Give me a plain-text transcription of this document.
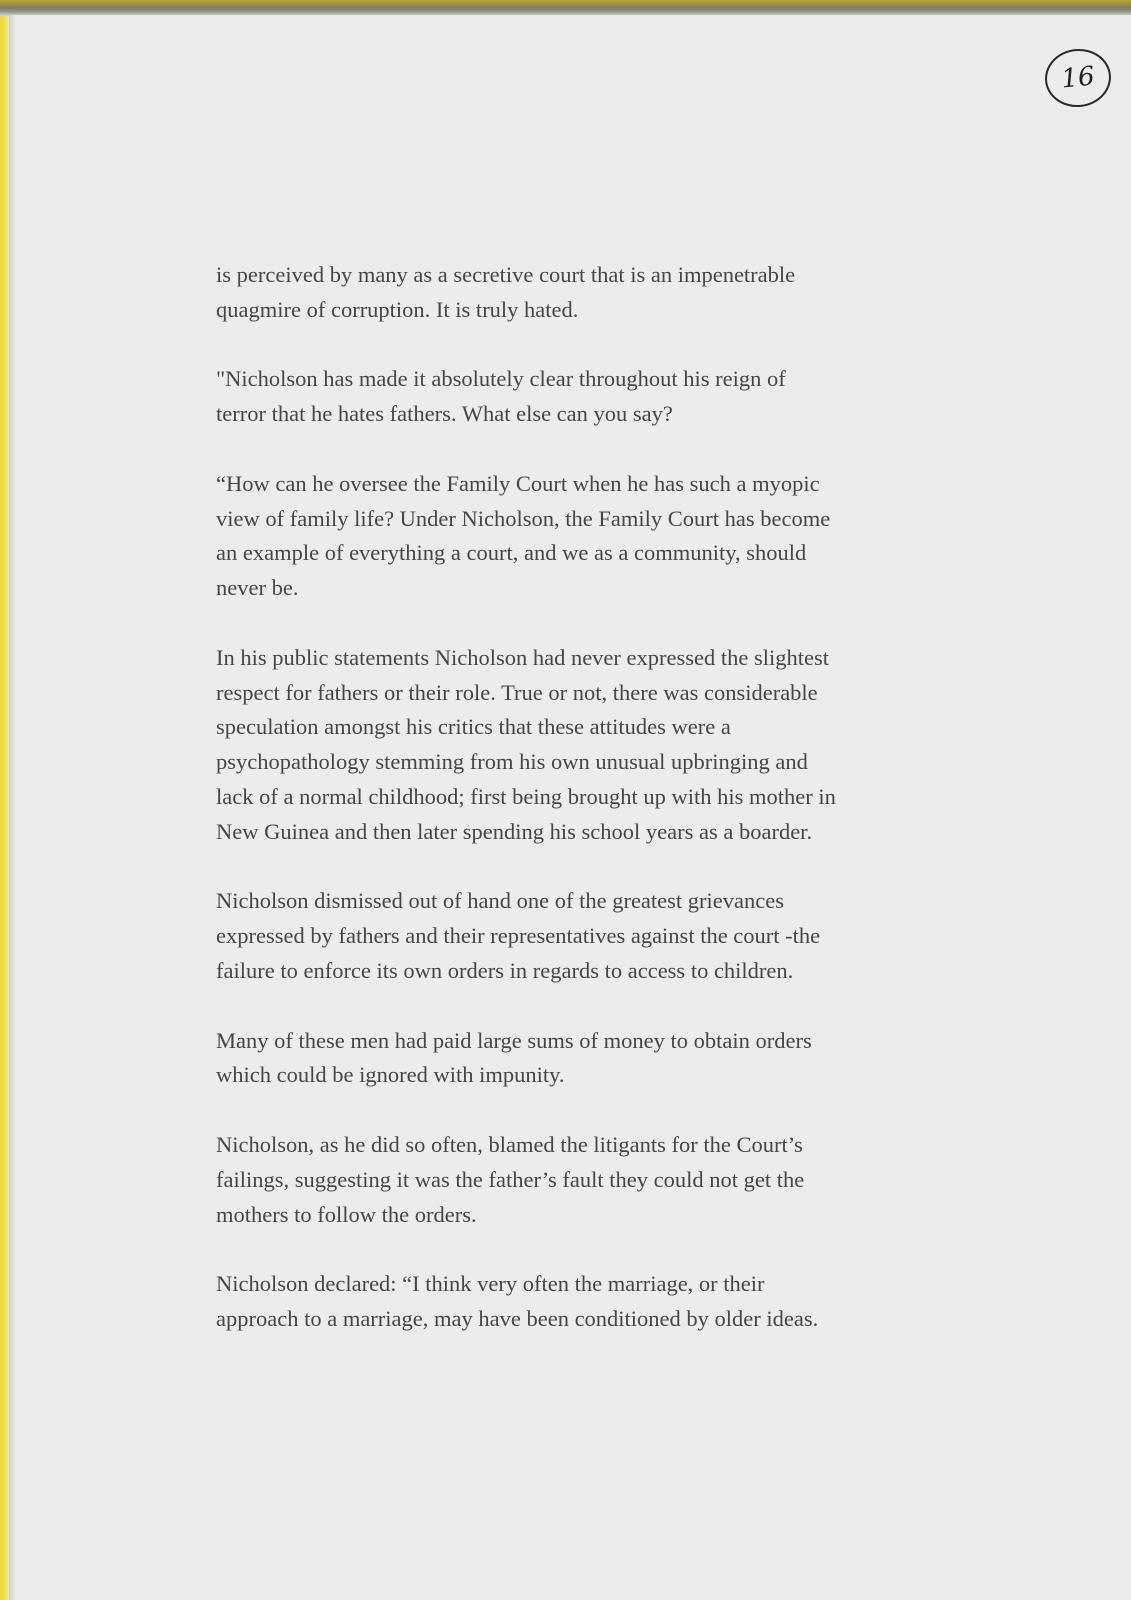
16

is perceived by many as a secretive court that is an impenetrable
quagmire of corruption. It is truly hated.

"Nicholson has made it absolutely clear throughout his reign of
terror that he hates fathers. What else can you say?

“How can he oversee the Family Court when he has such a myopic
view of family life? Under Nicholson, the Family Court has become
an example of everything a court, and we as a community, should
never be.

In his public statements Nicholson had never expressed the slightest
respect for fathers or their role. True or not, there was considerable
speculation amongst his critics that these attitudes were a
psychopathology stemming from his own unusual upbringing and
lack of a normal childhood; first being brought up with his mother in
New Guinea and then later spending his school years as a boarder.

Nicholson dismissed out of hand one of the greatest grievances
expressed by fathers and their representatives against the court -the
failure to enforce its own orders in regards to access to children.

Many of these men had paid large sums of money to obtain orders
which could be ignored with impunity.

Nicholson, as he did so often, blamed the litigants for the Court’s
failings, suggesting it was the father’s fault they could not get the
mothers to follow the orders.

Nicholson declared: “I think very often the marriage, or their
approach to a marriage, may have been conditioned by older ideas.
